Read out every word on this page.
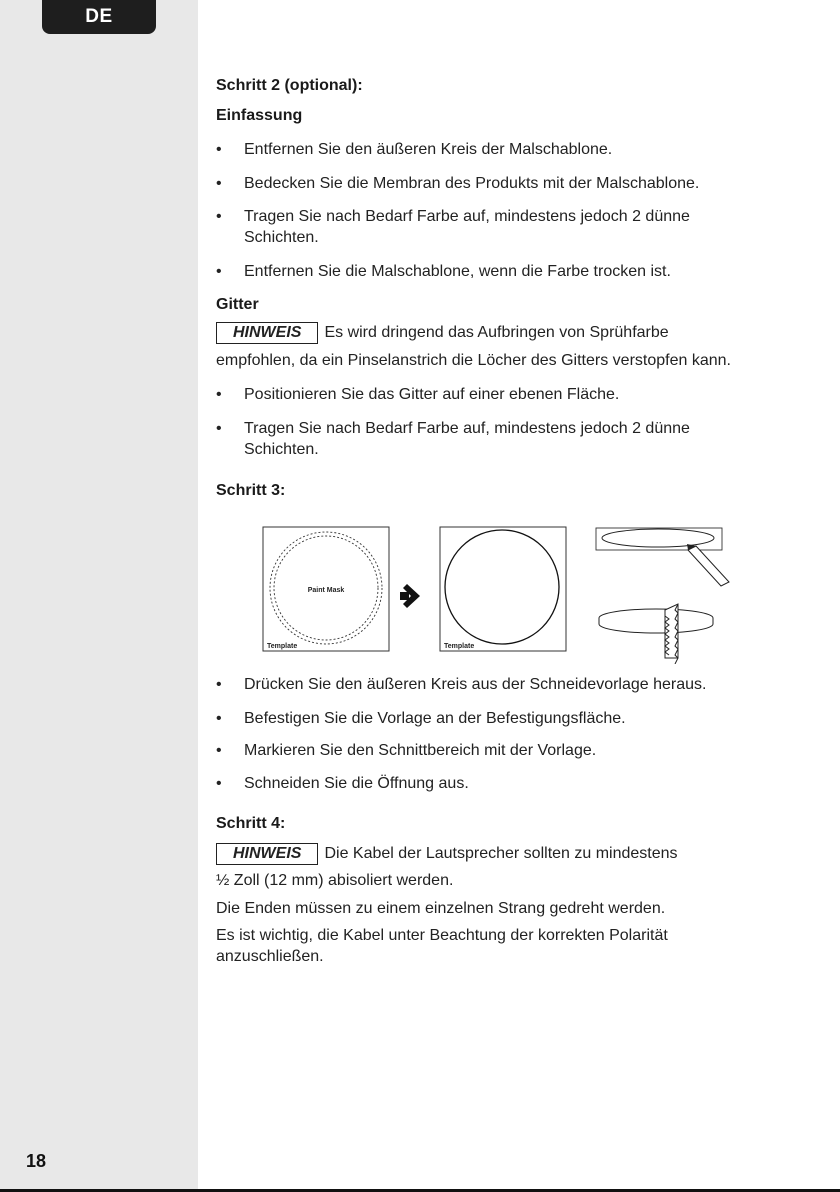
DE
18
Schritt 2 (optional):
Einfassung
• Entfernen Sie den äußeren Kreis der Malschablone.
• Bedecken Sie die Membran des Produkts mit der Malschablone.
• Tragen Sie nach Bedarf Farbe auf, mindestens jedoch 2 dünne Schichten.
• Entfernen Sie die Malschablone, wenn die Farbe trocken ist.
Gitter
HINWEIS Es wird dringend das Aufbringen von Sprühfarbe
empfohlen, da ein Pinselanstrich die Löcher des Gitters verstopfen kann.
• Positionieren Sie das Gitter auf einer ebenen Fläche.
• Tragen Sie nach Bedarf Farbe auf, mindestens jedoch 2 dünne Schichten.
Schritt 3:
Paint Mask
Template	Template
• Drücken Sie den äußeren Kreis aus der Schneidevorlage heraus.
• Befestigen Sie die Vorlage an der Befestigungsfläche.
• Markieren Sie den Schnittbereich mit der Vorlage.
• Schneiden Sie die Öffnung aus.
Schritt 4:
HINWEIS Die Kabel der Lautsprecher sollten zu mindestens
½ Zoll (12 mm) abisoliert werden.
Die Enden müssen zu einem einzelnen Strang gedreht werden.
Es ist wichtig, die Kabel unter Beachtung der korrekten Polarität anzuschließen.
